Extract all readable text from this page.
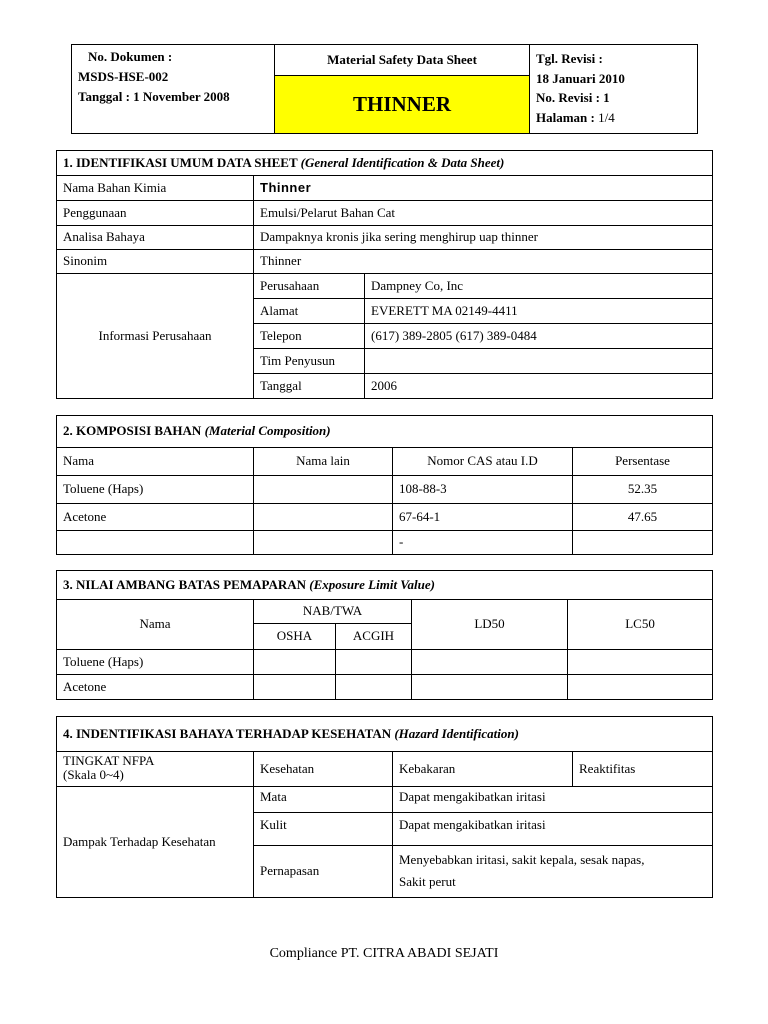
No. Dokumen :
MSDS-HSE-002
Tanggal : 1 November 2008
	Material Safety Data Sheet	Tgl. Revisi :
18 Januari 2010
No. Revisi : 1
Halaman : 1/4

THINNER
1. IDENTIFIKASI UMUM DATA SHEET (General Identification & Data Sheet)		
Nama Bahan Kimia	Thinner	
Penggunaan	Emulsi/Pelarut Bahan Cat	
Analisa Bahaya	Dampaknya kronis jika sering menghirup uap thinner	
Sinonim	Thinner	
Informasi Perusahaan	Perusahaan	Dampney Co, Inc
	Alamat	EVERETT MA 02149-4411
	Telepon	(617) 389-2805 (617) 389-0484
	Tim Penyusun	
	Tanggal	2006
2. KOMPOSISI BAHAN (Material Composition)			
Nama	Nama lain	Nomor CAS atau I.D	Persentase
Toluene (Haps)		108-88-3	52.35
Acetone		67-64-1	47.65
		-	
3. NILAI AMBANG BATAS PEMAPARAN (Exposure Limit Value)				
Nama	NAB/TWA		LD50	LC50
	OSHA	ACGIH		
Toluene (Haps)				
Acetone				
4. INDENTIFIKASI BAHAYA TERHADAP KESEHATAN (Hazard Identification)			

TINGKAT NFPA
(Skala 0~4)	Kesehatan	Kebakaran	Reaktifitas
Dampak Terhadap Kesehatan	Mata	Dapat mengakibatkan iritasi	
	Kulit	Dapat mengakibatkan iritasi	
	Pernapasan	Menyebabkan iritasi, sakit kepala, sesak napas,
Sakit perut	
Compliance PT. CITRA ABADI SEJATI
